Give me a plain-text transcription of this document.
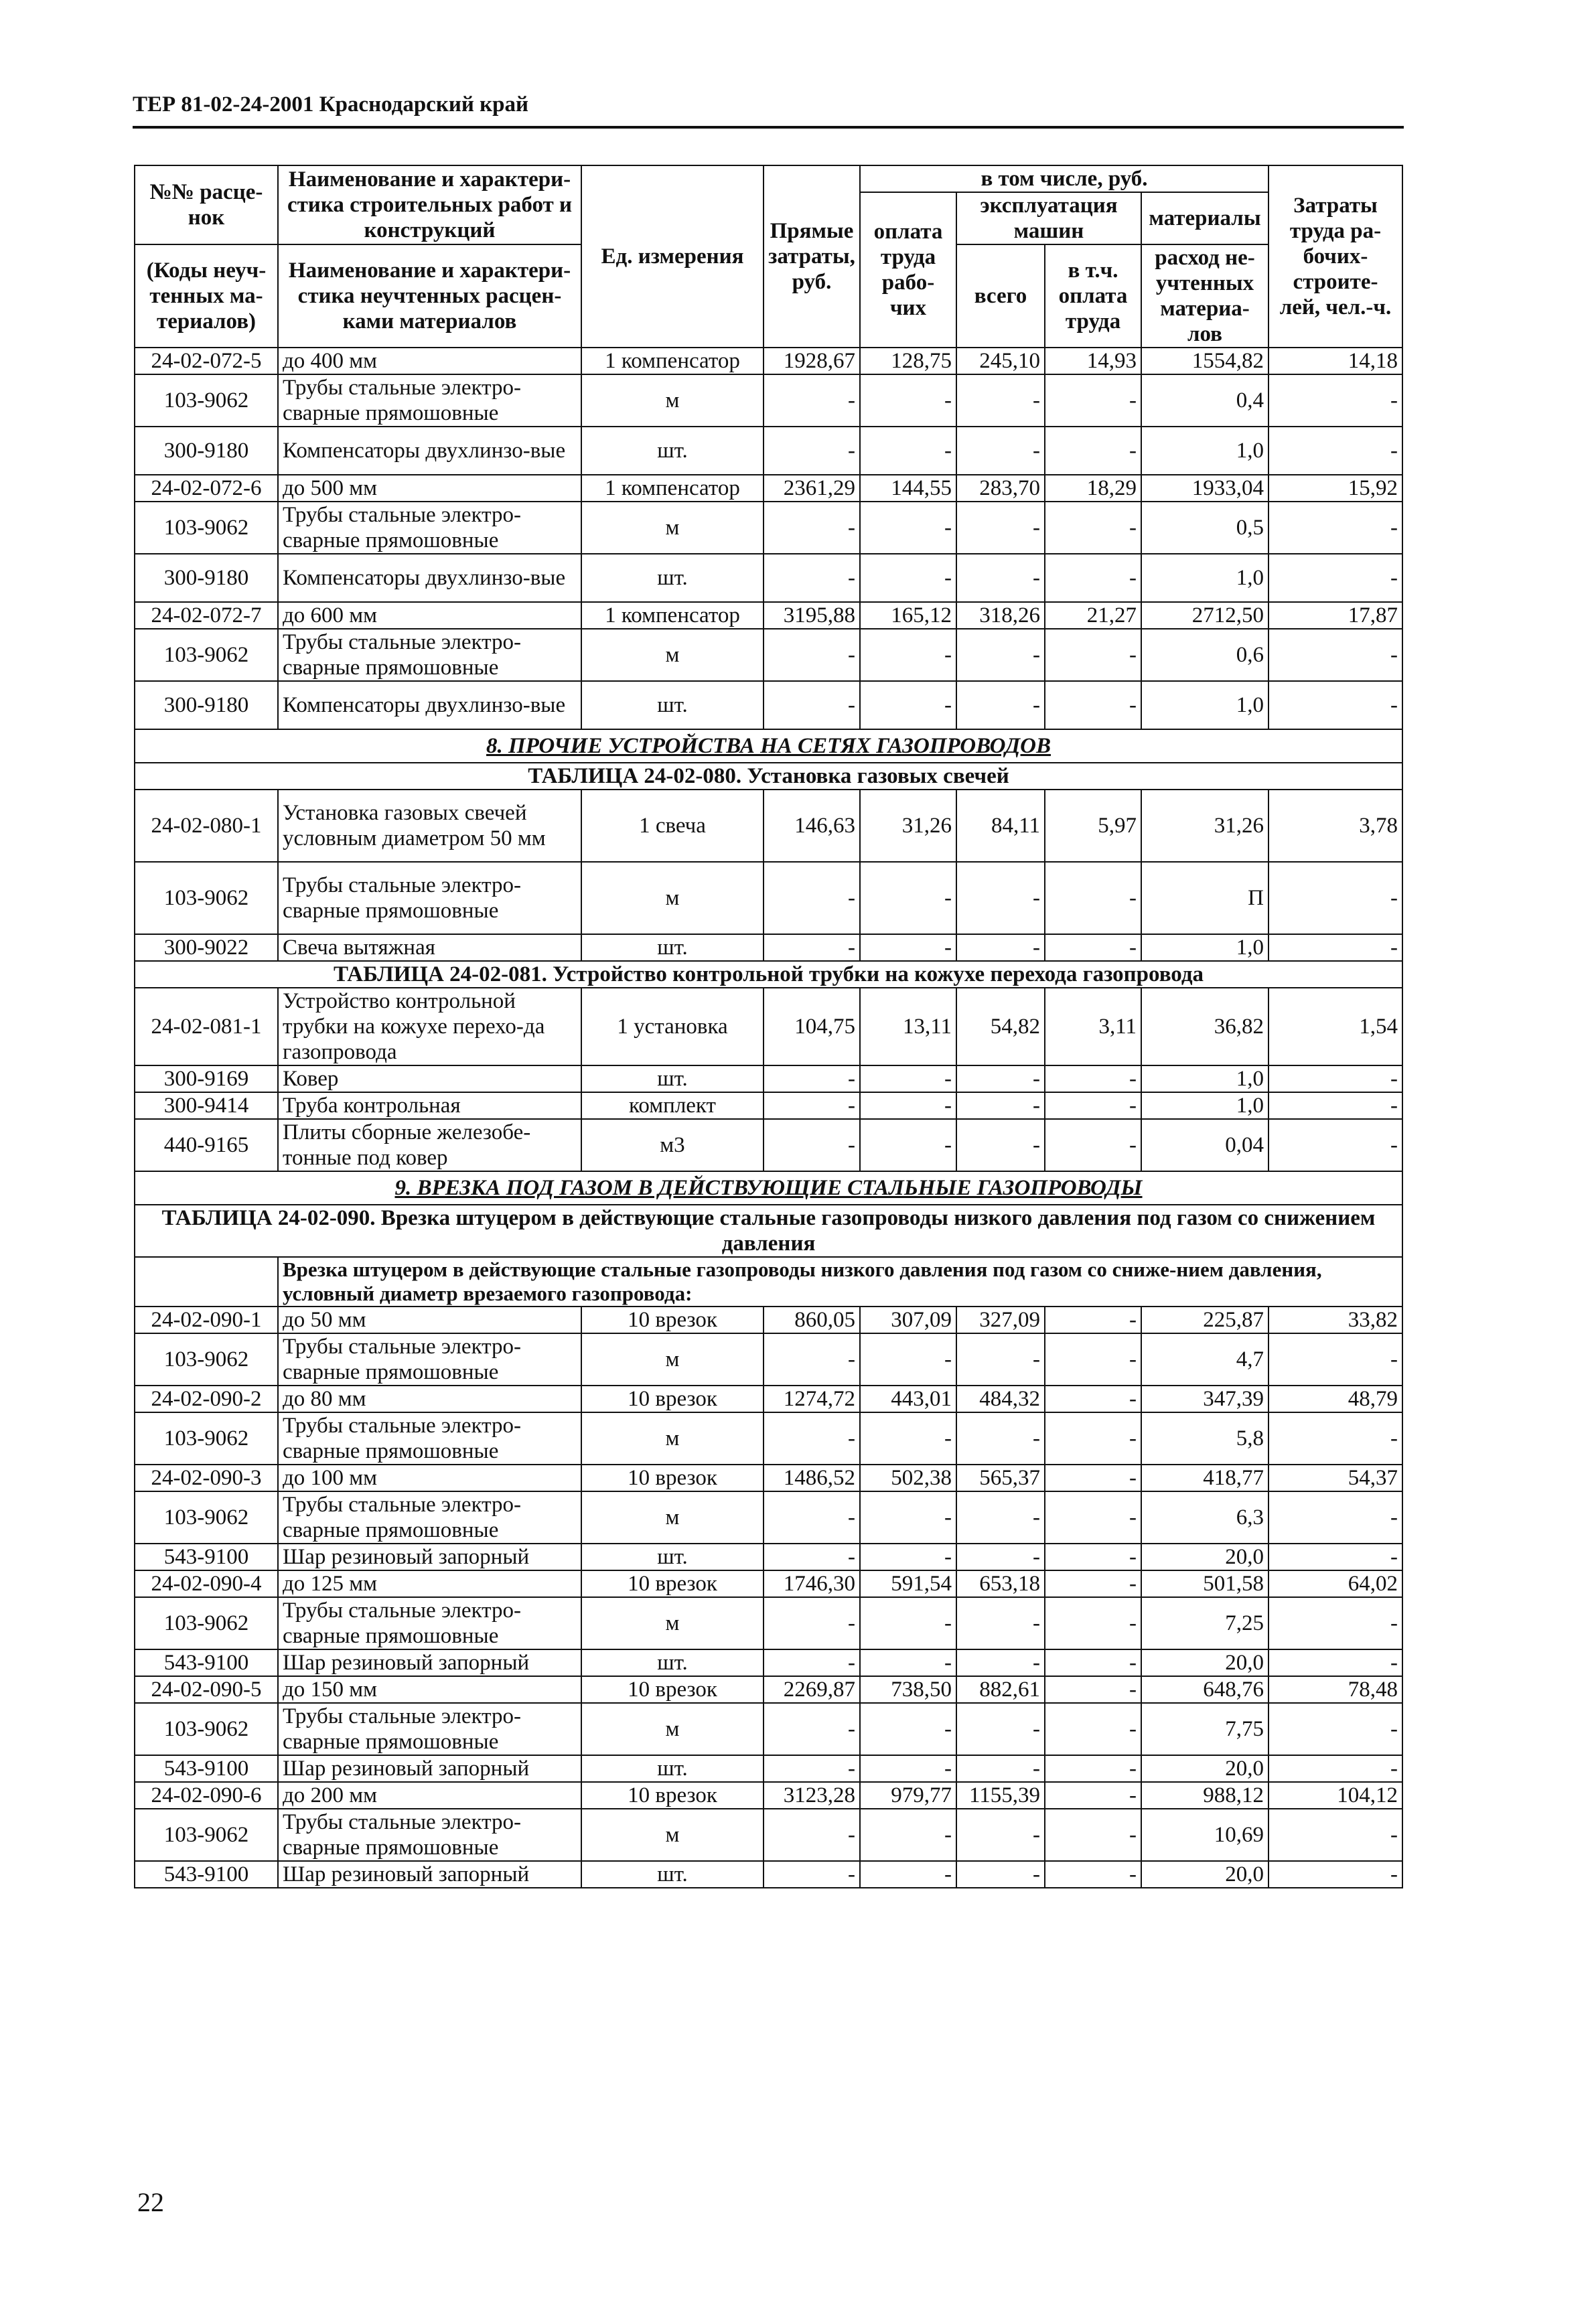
ТЕР 81-02-24-2001 Краснодарский край
№№ расце-нок	Наименование и характери-стика строительных работ и конструкций	Ед. измерения	Прямые затраты, руб.	в том числе, руб.				Затраты труда ра-бочих-строите-лей, чел.-ч.
				оплата труда рабо-чих	эксплуатация машин		материалы	
(Коды неуч-тенных ма-териалов)	Наименование и характери-стика неучтенных расцен-ками материалов				всего	в т.ч. оплата труда	расход не-учтенных материа-лов	

24-02-072-5	до 400 мм	1 компенсатор	1928,67	128,75	245,10	14,93	1554,82	14,18
103-9062	Трубы стальные электро-сварные прямошовные	м	-	-	-	-	0,4	-
300-9180	Компенсаторы двухлинзо-вые	шт.	-	-	-	-	1,0	-
24-02-072-6	до 500 мм	1 компенсатор	2361,29	144,55	283,70	18,29	1933,04	15,92
103-9062	Трубы стальные электро-сварные прямошовные	м	-	-	-	-	0,5	-
300-9180	Компенсаторы двухлинзо-вые	шт.	-	-	-	-	1,0	-
24-02-072-7	до 600 мм	1 компенсатор	3195,88	165,12	318,26	21,27	2712,50	17,87
103-9062	Трубы стальные электро-сварные прямошовные	м	-	-	-	-	0,6	-
300-9180	Компенсаторы двухлинзо-вые	шт.	-	-	-	-	1,0	-
8. ПРОЧИЕ УСТРОЙСТВА НА СЕТЯХ ГАЗОПРОВОДОВ								
ТАБЛИЦА 24-02-080. Установка газовых свечей								
24-02-080-1	Установка газовых свечей условным диаметром 50 мм	1 свеча	146,63	31,26	84,11	5,97	31,26	3,78
103-9062	Трубы стальные электро-сварные прямошовные	м	-	-	-	-	П	-
300-9022	Свеча вытяжная	шт.	-	-	-	-	1,0	-
ТАБЛИЦА 24-02-081. Устройство контрольной трубки на кожухе перехода газопровода								
24-02-081-1	Устройство контрольной трубки на кожухе перехо-да газопровода	1 установка	104,75	13,11	54,82	3,11	36,82	1,54
300-9169	Ковер	шт.	-	-	-	-	1,0	-
300-9414	Труба контрольная	комплект	-	-	-	-	1,0	-
440-9165	Плиты сборные железобе-тонные под ковер	м3	-	-	-	-	0,04	-
9. ВРЕЗКА ПОД ГАЗОМ В ДЕЙСТВУЮЩИЕ СТАЛЬНЫЕ ГАЗОПРОВОДЫ								
ТАБЛИЦА 24-02-090. Врезка штуцером в действующие стальные газопроводы низкого давления под газом со снижением давления								
	Врезка штуцером в действующие стальные газопроводы низкого давления под газом со сниже-нием давления, условный диаметр врезаемого газопровода:							
24-02-090-1	до 50 мм	10 врезок	860,05	307,09	327,09	-	225,87	33,82
103-9062	Трубы стальные электро-сварные прямошовные	м	-	-	-	-	4,7	-
24-02-090-2	до 80 мм	10 врезок	1274,72	443,01	484,32	-	347,39	48,79
103-9062	Трубы стальные электро-сварные прямошовные	м	-	-	-	-	5,8	-
24-02-090-3	до 100 мм	10 врезок	1486,52	502,38	565,37	-	418,77	54,37
103-9062	Трубы стальные электро-сварные прямошовные	м	-	-	-	-	6,3	-
543-9100	Шар резиновый запорный	шт.	-	-	-	-	20,0	-
24-02-090-4	до 125 мм	10 врезок	1746,30	591,54	653,18	-	501,58	64,02
103-9062	Трубы стальные электро-сварные прямошовные	м	-	-	-	-	7,25	-
543-9100	Шар резиновый запорный	шт.	-	-	-	-	20,0	-
24-02-090-5	до 150 мм	10 врезок	2269,87	738,50	882,61	-	648,76	78,48
103-9062	Трубы стальные электро-сварные прямошовные	м	-	-	-	-	7,75	-
543-9100	Шар резиновый запорный	шт.	-	-	-	-	20,0	-
24-02-090-6	до 200 мм	10 врезок	3123,28	979,77	1155,39	-	988,12	104,12
103-9062	Трубы стальные электро-сварные прямошовные	м	-	-	-	-	10,69	-
543-9100	Шар резиновый запорный	шт.	-	-	-	-	20,0	-
22
